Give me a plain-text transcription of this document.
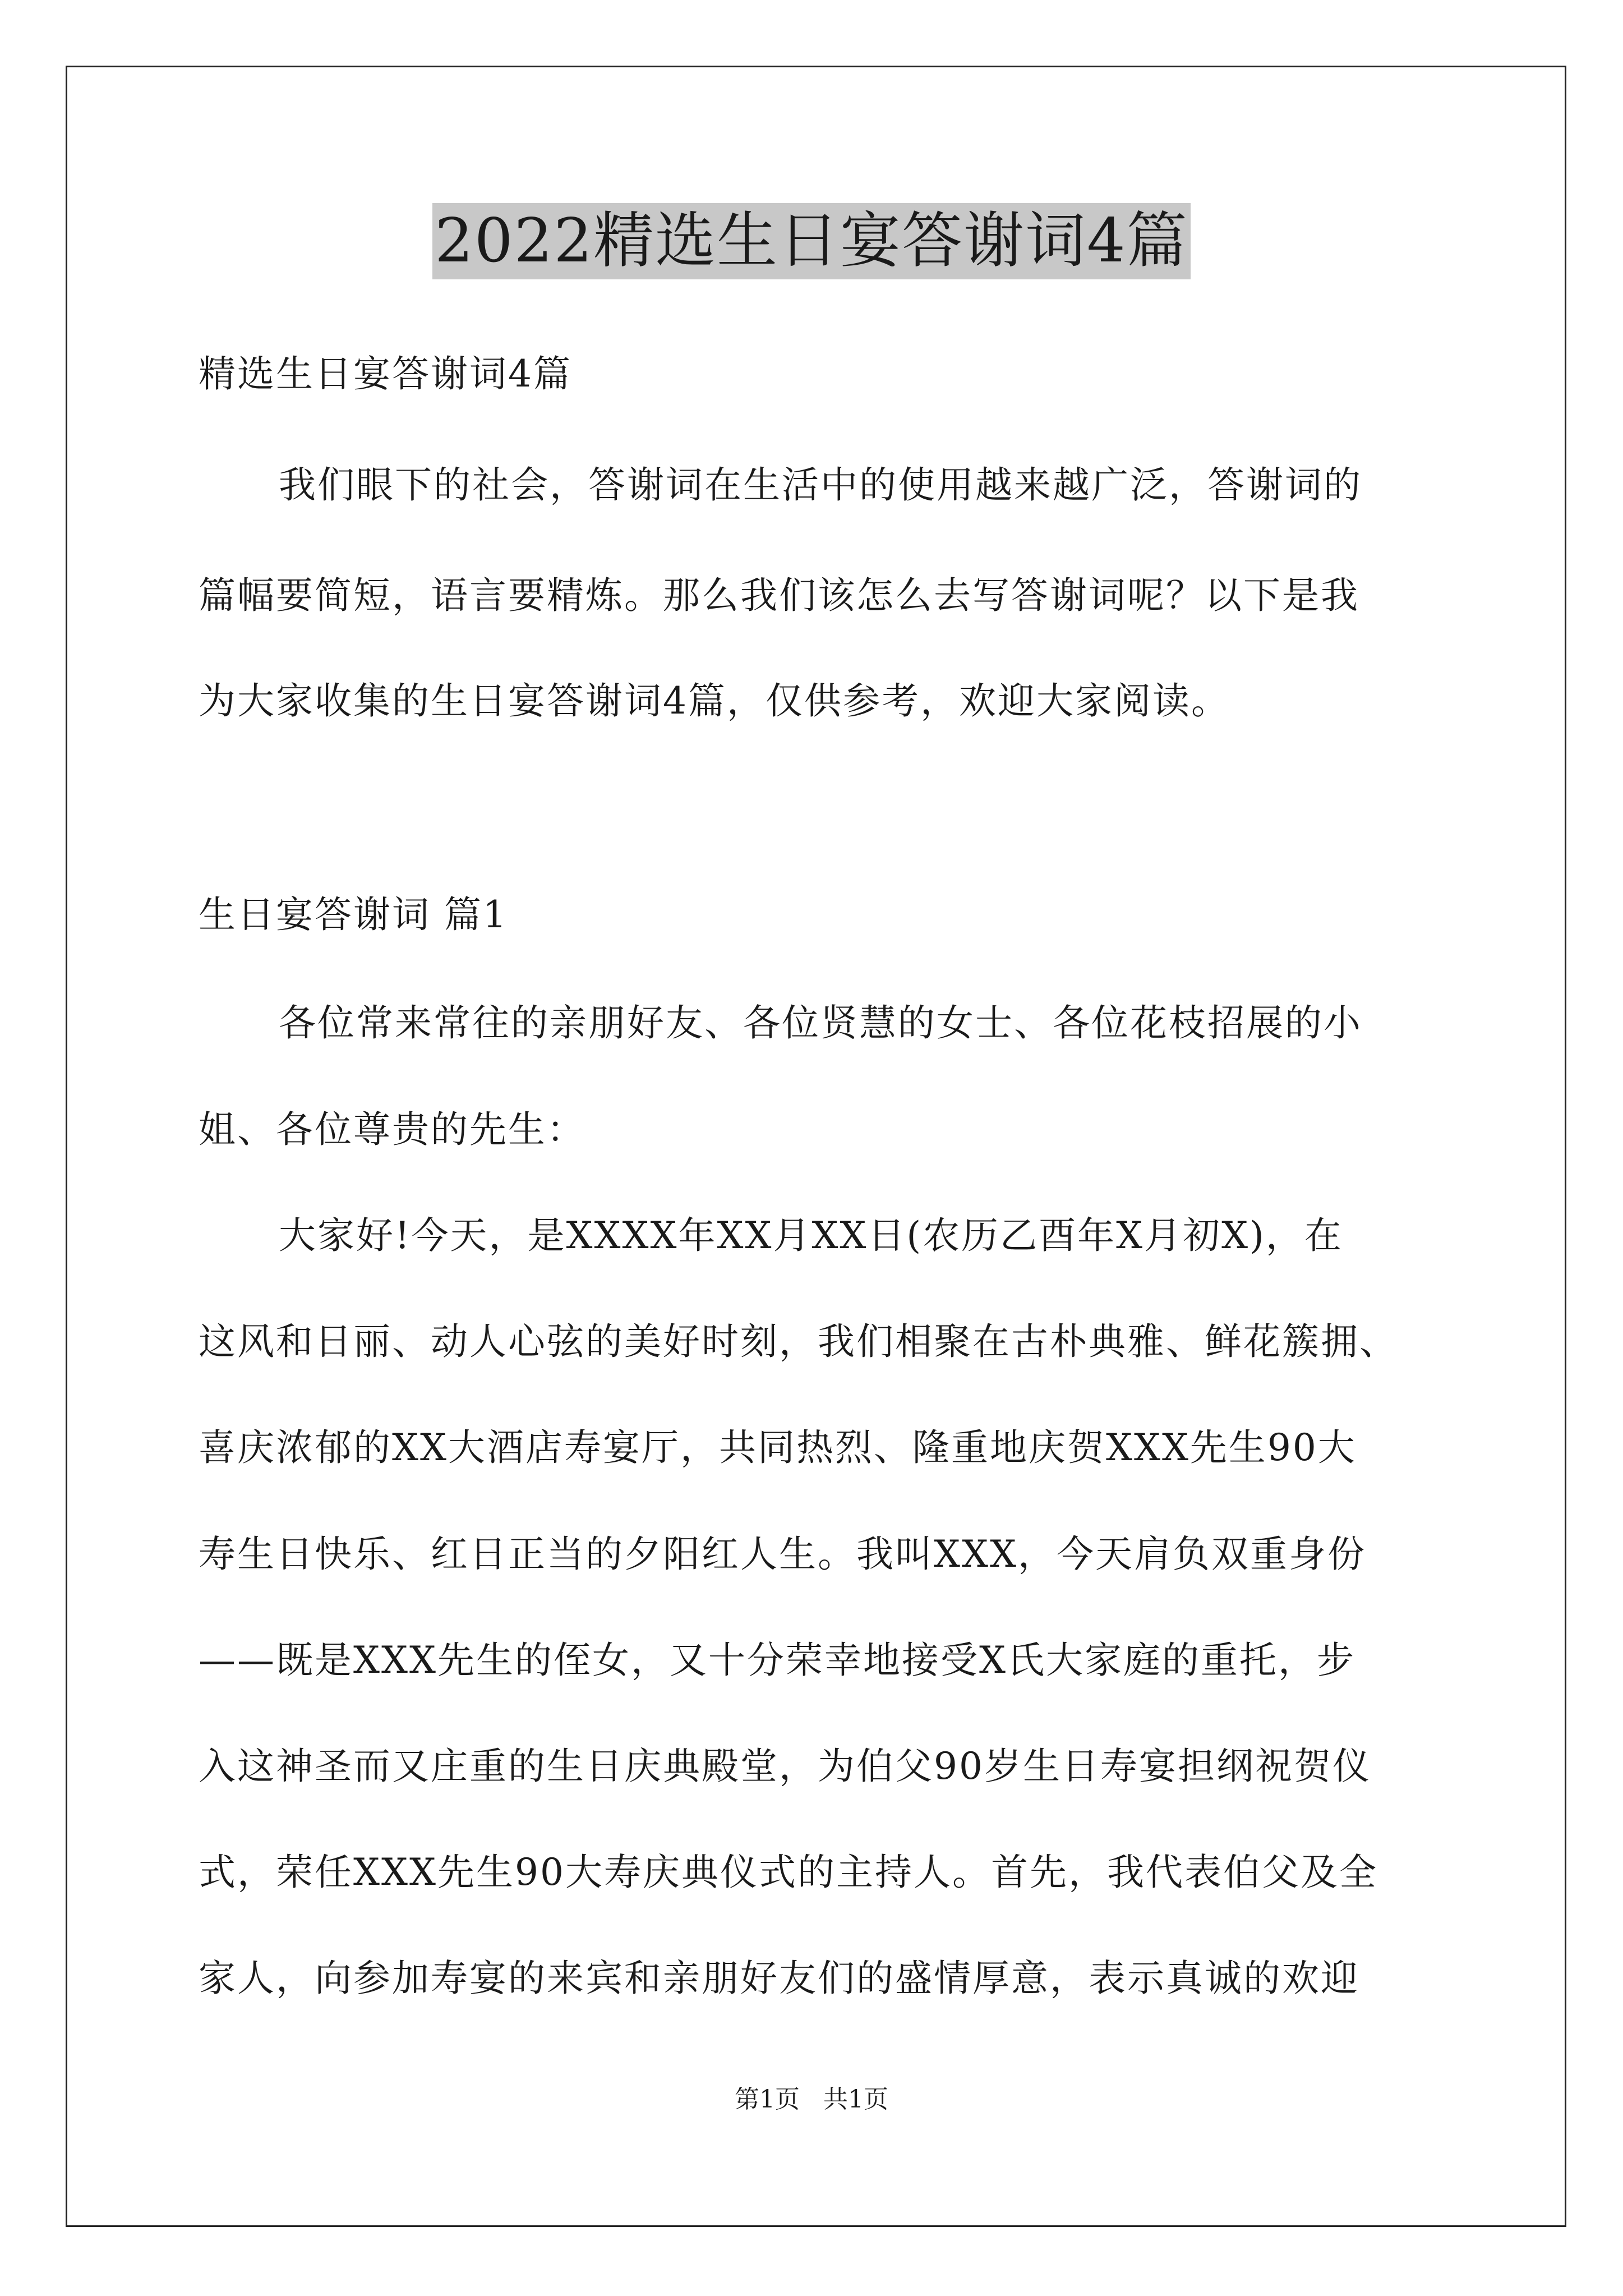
2022精选生日宴答谢词4篇
精选生日宴答谢词4篇
我们眼下的社会，答谢词在生活中的使用越来越广泛，答谢词的
篇幅要简短，语言要精炼。那么我们该怎么去写答谢词呢？以下是我
为大家收集的生日宴答谢词4篇，仅供参考，欢迎大家阅读。
生日宴答谢词 篇1
各位常来常往的亲朋好友、各位贤慧的女士、各位花枝招展的小
姐、各位尊贵的先生：
大家好!今天，是XXXX年XX月XX日(农历乙酉年X月初X)，在
这风和日丽、动人心弦的美好时刻，我们相聚在古朴典雅、鲜花簇拥、
喜庆浓郁的XX大酒店寿宴厅，共同热烈、隆重地庆贺XXX先生90大
寿生日快乐、红日正当的夕阳红人生。我叫XXX，今天肩负双重身份
——既是XXX先生的侄女，又十分荣幸地接受X氏大家庭的重托，步
入这神圣而又庄重的生日庆典殿堂，为伯父90岁生日寿宴担纲祝贺仪
式，荣任XXX先生90大寿庆典仪式的主持人。首先，我代表伯父及全
家人，向参加寿宴的来宾和亲朋好友们的盛情厚意，表示真诚的欢迎
第1页   共1页
